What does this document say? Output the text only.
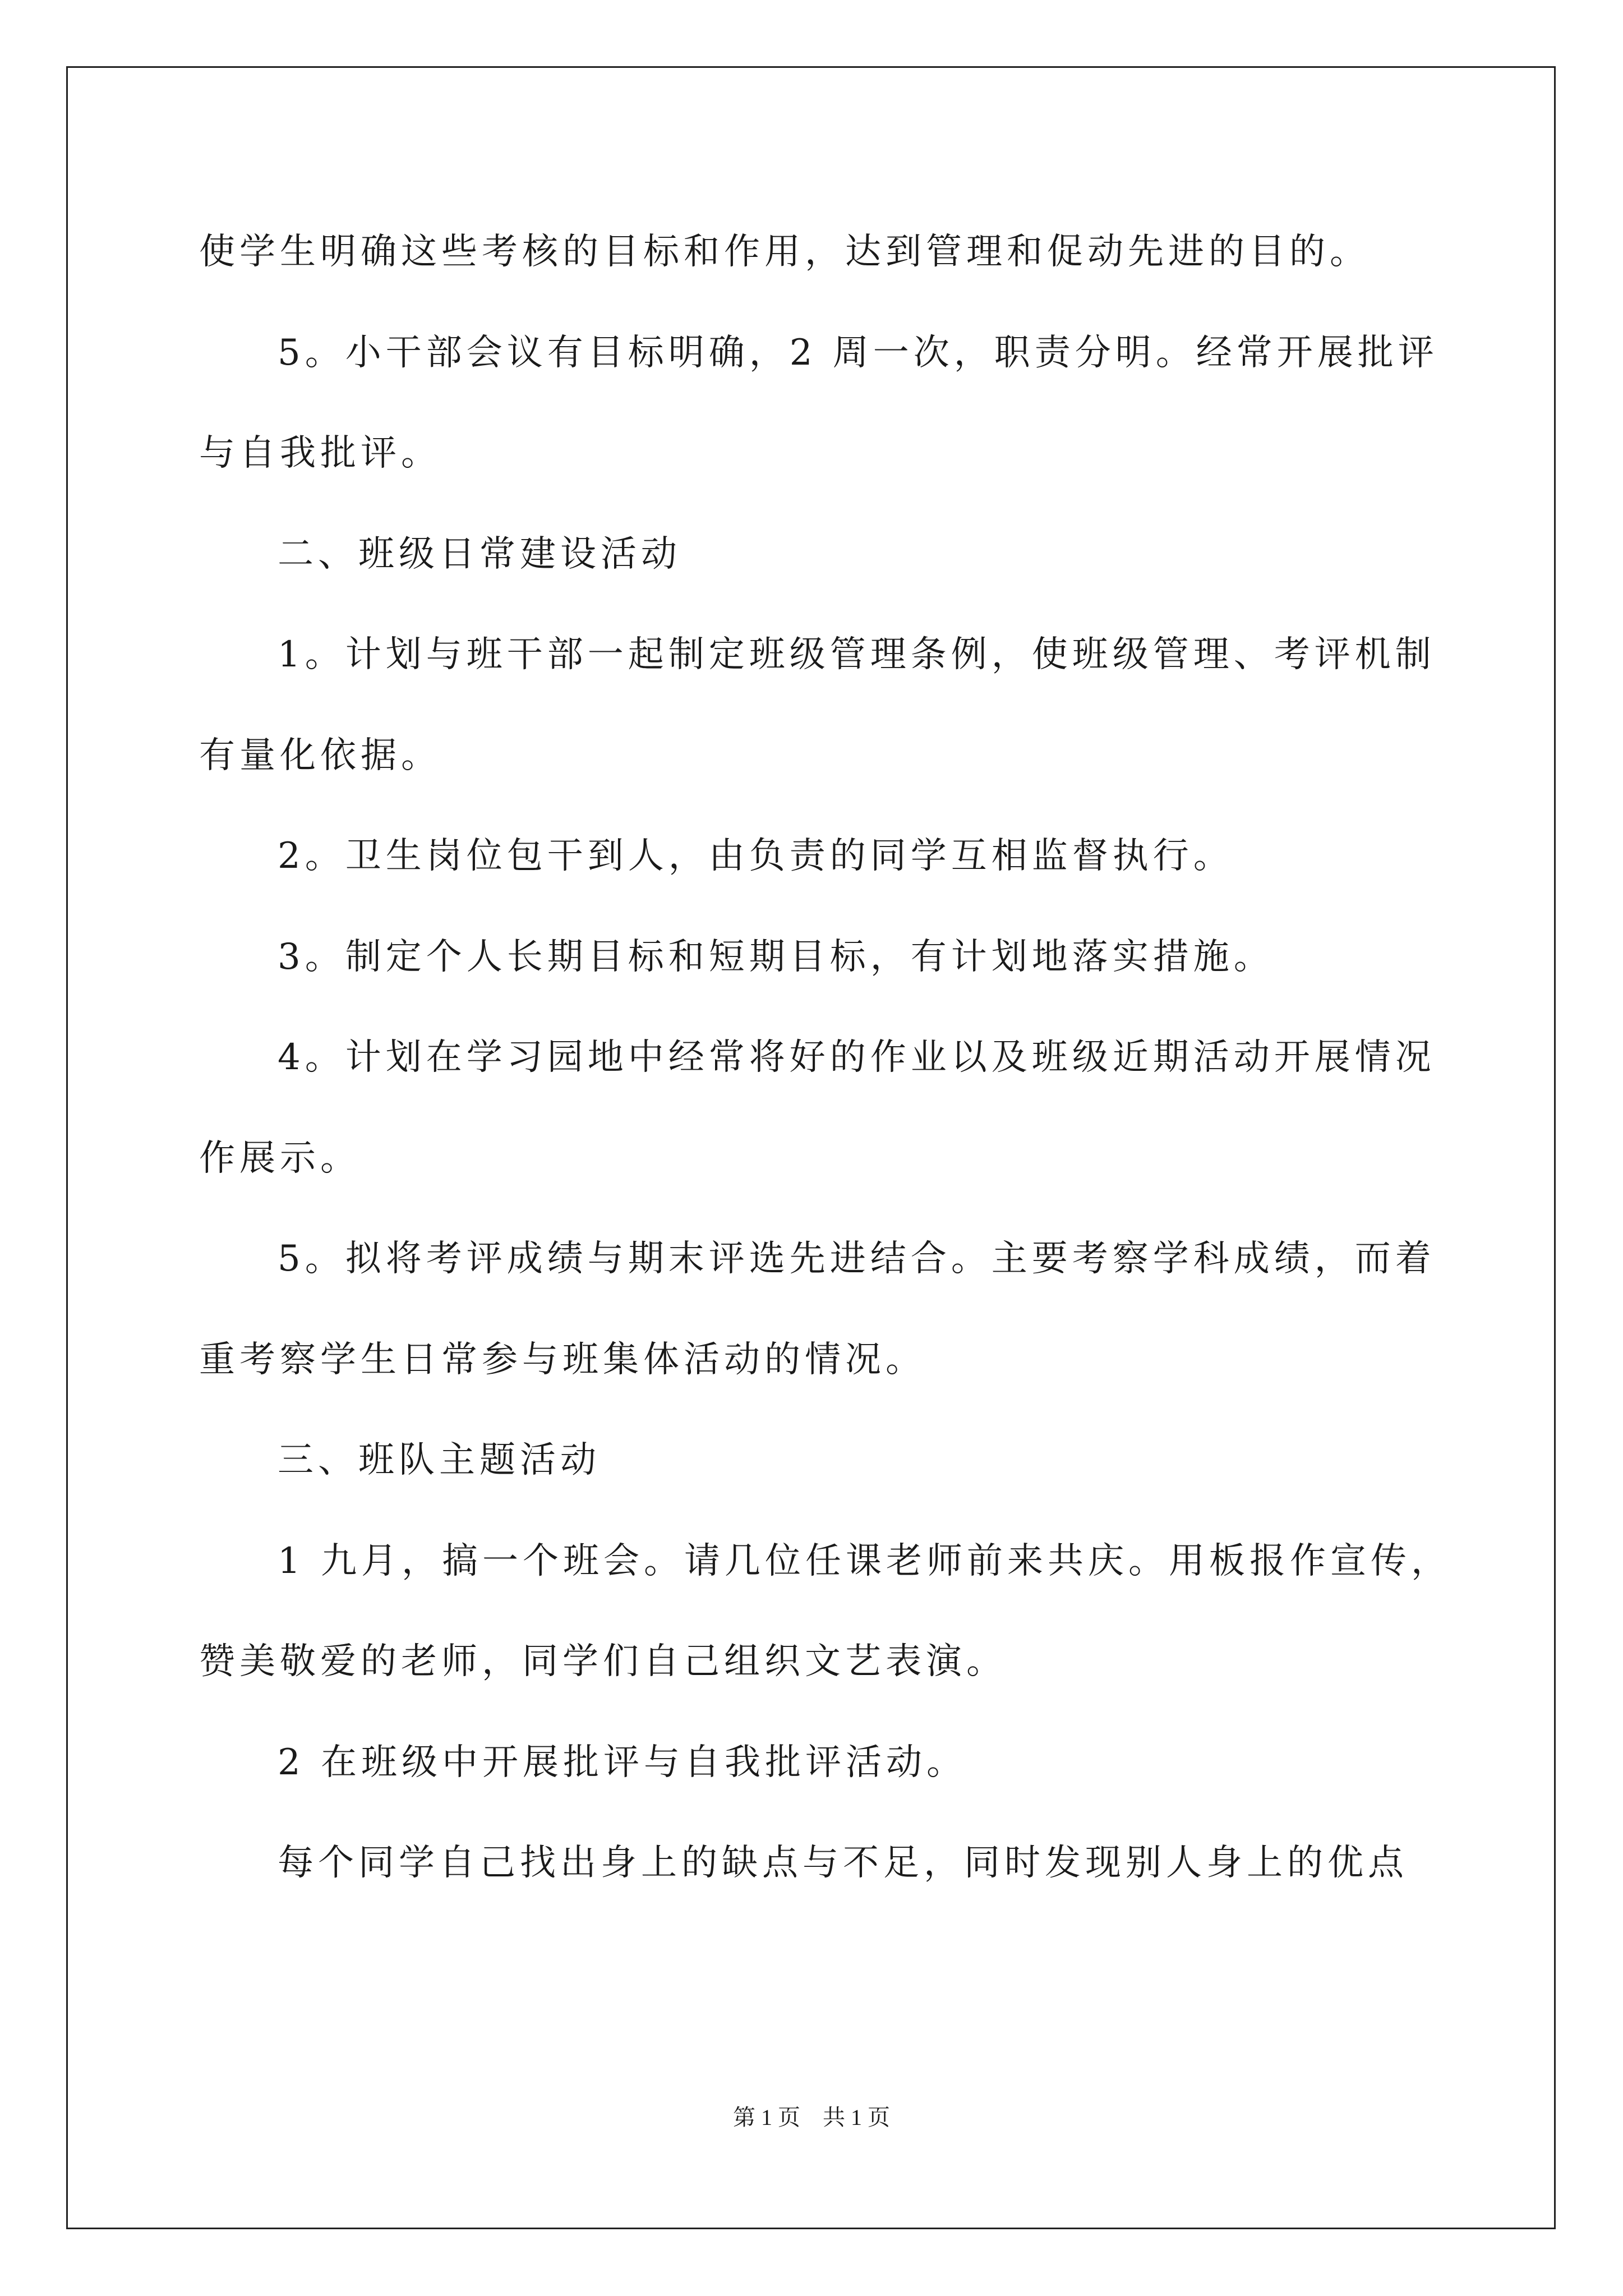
使学生明确这些考核的目标和作用，达到管理和促动先进的目的。
5。小干部会议有目标明确，2 周一次，职责分明。经常开展批评
与自我批评。
二、班级日常建设活动
1。计划与班干部一起制定班级管理条例，使班级管理、考评机制
有量化依据。
2。卫生岗位包干到人，由负责的同学互相监督执行。
3。制定个人长期目标和短期目标，有计划地落实措施。
4。计划在学习园地中经常将好的作业以及班级近期活动开展情况
作展示。
5。拟将考评成绩与期末评选先进结合。主要考察学科成绩，而着
重考察学生日常参与班集体活动的情况。
三、班队主题活动
1 九月，搞一个班会。请几位任课老师前来共庆。用板报作宣传，
赞美敬爱的老师，同学们自己组织文艺表演。
2 在班级中开展批评与自我批评活动。
每个同学自己找出身上的缺点与不足，同时发现别人身上的优点
第 1 页　共 1 页
